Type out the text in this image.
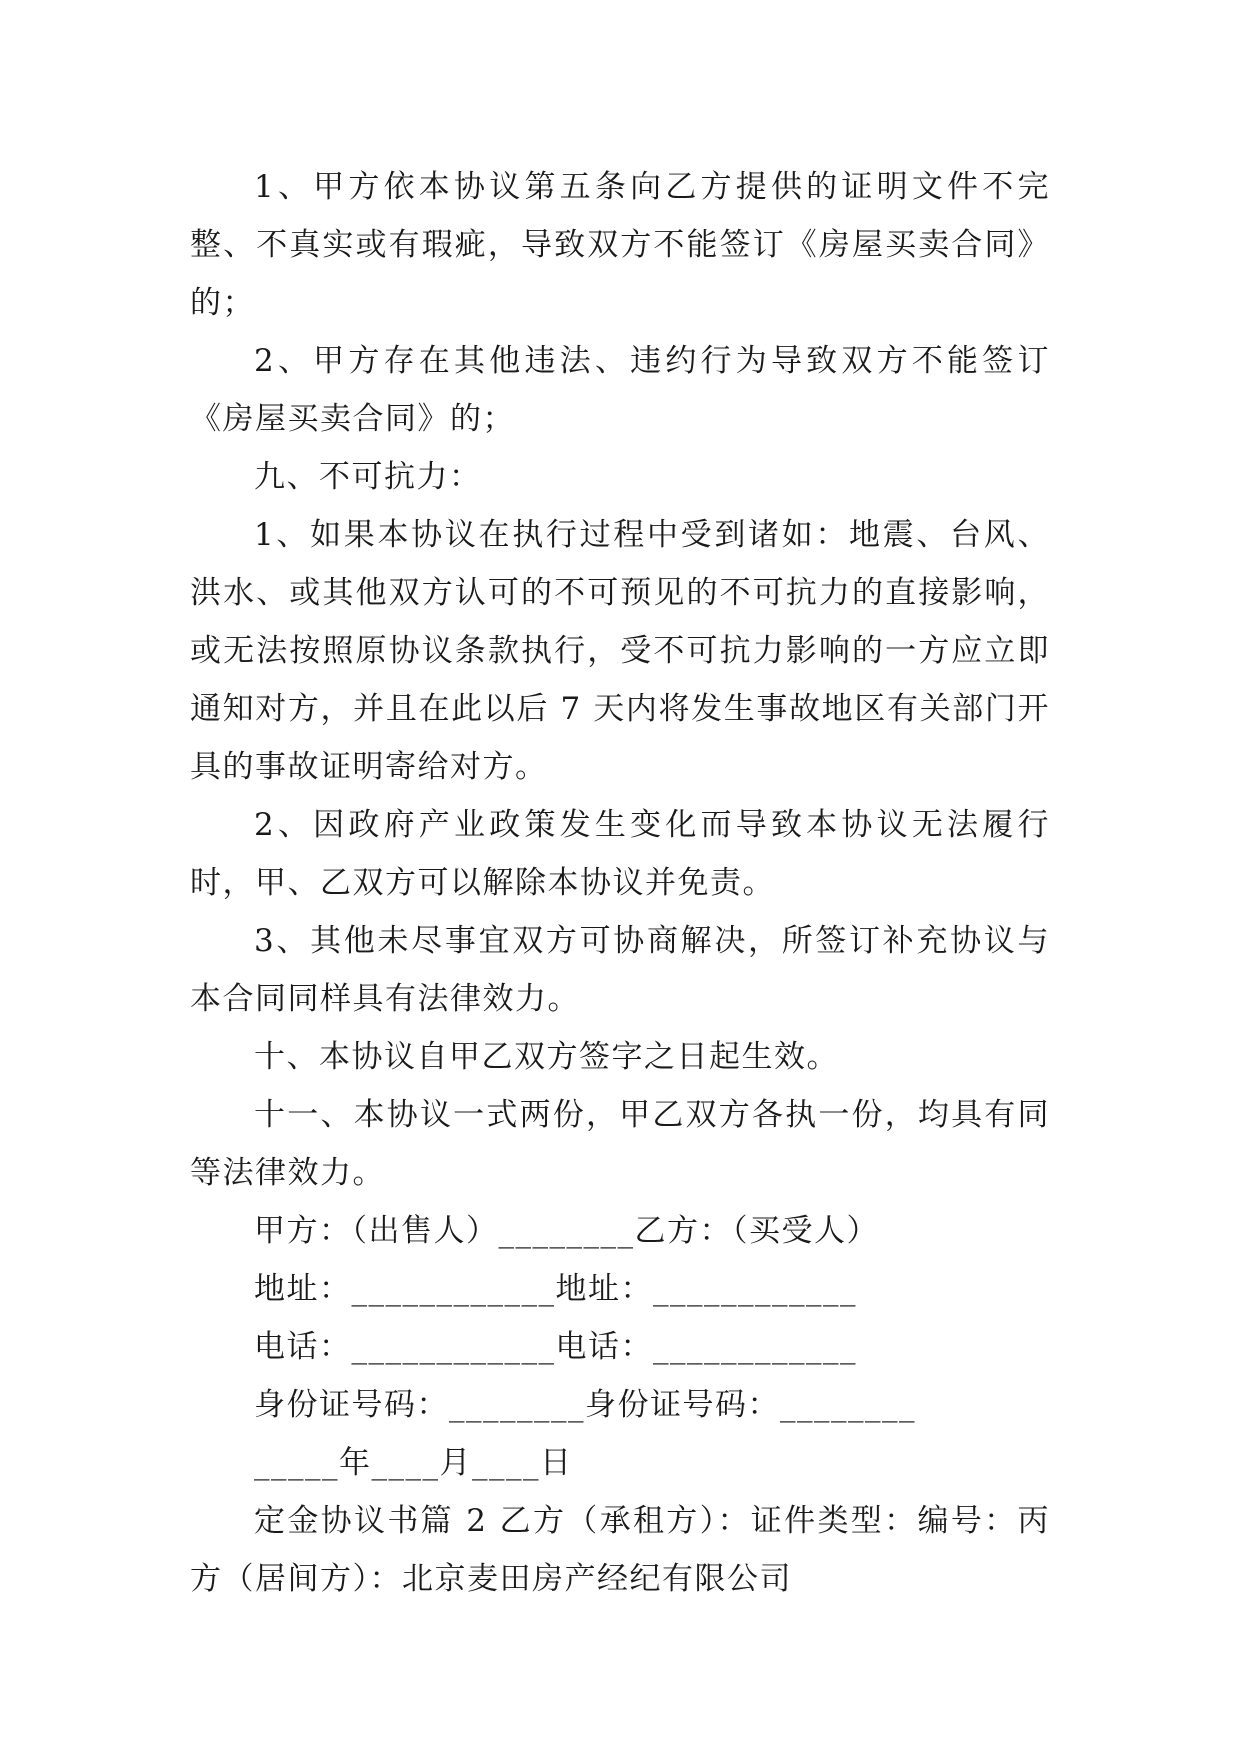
1、甲方依本协议第五条向乙方提供的证明文件不完整、不真实或有瑕疵，导致双方不能签订《房屋买卖合同》的；

2、甲方存在其他违法、违约行为导致双方不能签订《房屋买卖合同》的；

九、不可抗力：

1、如果本协议在执行过程中受到诸如：地震、台风、洪水、或其他双方认可的不可预见的不可抗力的直接影响，或无法按照原协议条款执行，受不可抗力影响的一方应立即通知对方，并且在此以后 7 天内将发生事故地区有关部门开具的事故证明寄给对方。

2、因政府产业政策发生变化而导致本协议无法履行时，甲、乙双方可以解除本协议并免责。

3、其他未尽事宜双方可协商解决，所签订补充协议与本合同同样具有法律效力。

十、本协议自甲乙双方签字之日起生效。

十一、本协议一式两份，甲乙双方各执一份，均具有同等法律效力。

甲方：（出售人）________乙方：（买受人）

地址：____________地址：____________

电话：____________电话：____________

身份证号码：________身份证号码：________

_____年____月____日

定金协议书篇 2 乙方（承租方）：证件类型：编号：丙方（居间方）：北京麦田房产经纪有限公司
